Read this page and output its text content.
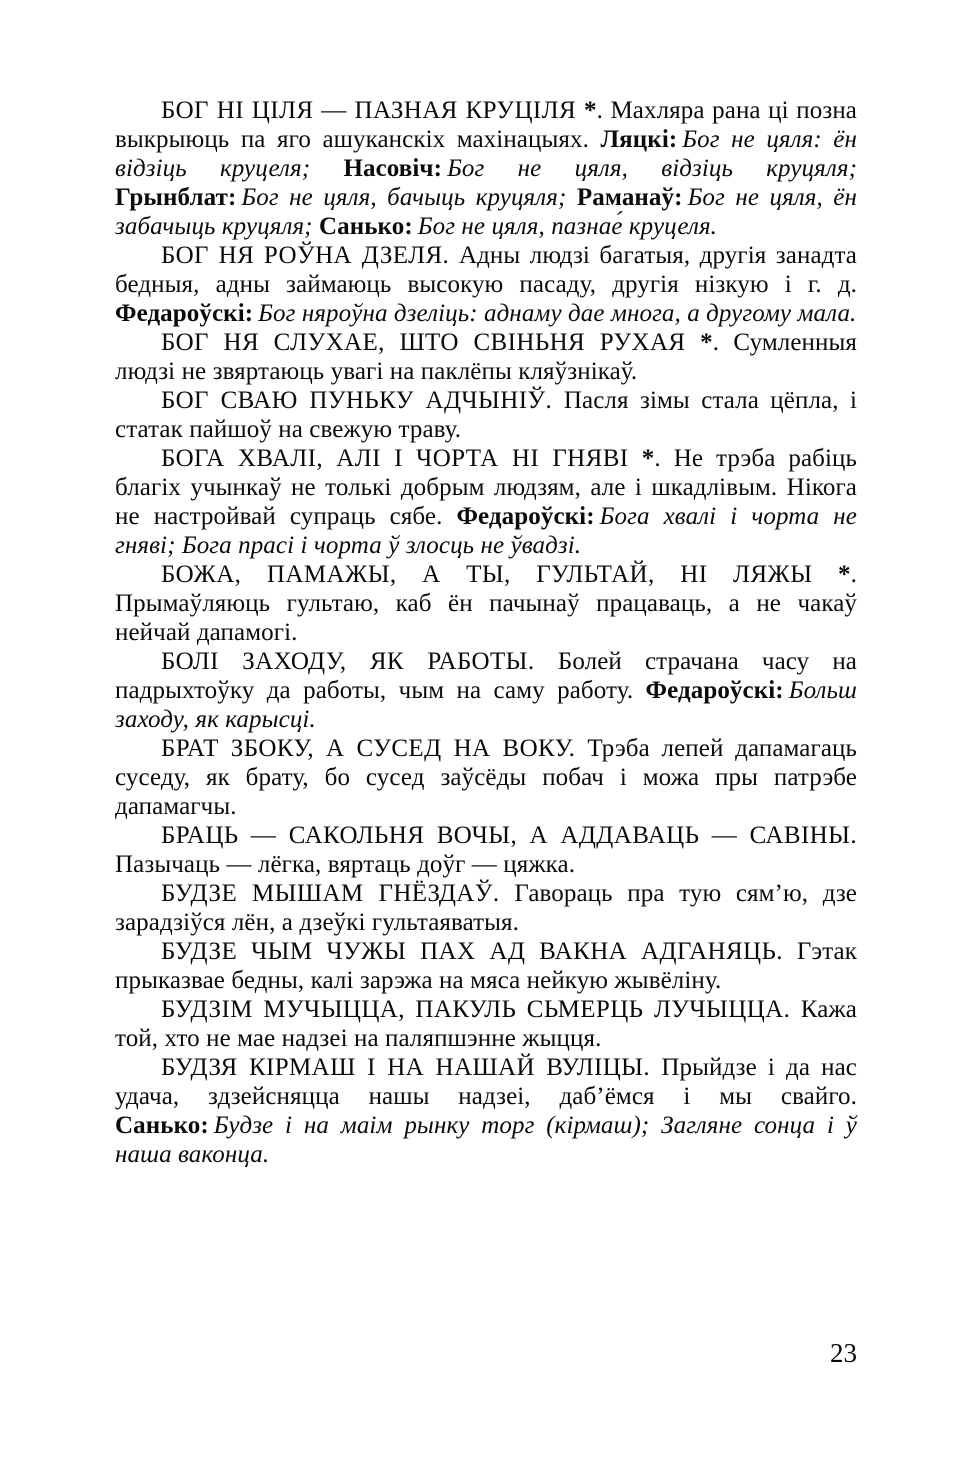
БОГ НІ ЦІЛЯ — ПАЗНАЯ КРУЦІЛЯ *. Махляра рана ці позна выкрыюць па яго ашуканскіх махінацыях. Ляцкі: Бог не цяля: ён відзіць круцеля; Насовіч: Бог не цяля, відзіць круцяля; Грынблат: Бог не цяля, бачыць круцяля; Раманаў: Бог не цяля, ён забачыць круцяля; Санько: Бог не цяля, пазнае́ круцеля.

БОГ НЯ РОЎНА ДЗЕЛЯ. Адны людзі багатыя, другія занадта бедныя, адны займаюць высокую пасаду, другія нізкую і г. д. Федароўскі: Бог няроўна дзеліць: аднаму дае многа, а другому мала.

БОГ НЯ СЛУХАЕ, ШТО СВІНЬНЯ РУХАЯ *. Сумленныя людзі не звяртаюць увагі на паклёпы кляўзнікаў.

БОГ СВАЮ ПУНЬКУ АДЧЫНІЎ. Пасля зімы стала цёпла, і статак пайшоў на свежую траву.

БОГА ХВАЛІ, АЛІ І ЧОРТА НІ ГНЯВІ *. Не трэба рабіць благіх учынкаў не толькі добрым людзям, але і шкадлівым. Нікога не настройвай супраць сябе. Федароўскі: Бога хвалі і чорта не гняві; Бога прасі і чорта ў злосць не ўвадзі.

БОЖА, ПАМАЖЫ, А ТЫ, ГУЛЬТАЙ, НІ ЛЯЖЫ *. Прымаўляюць гультаю, каб ён пачынаў працаваць, а не чакаў нейчай дапамогі.

БОЛІ ЗАХОДУ, ЯК РАБОТЫ. Болей страчана часу на падрыхтоўку да работы, чым на саму работу. Федароўскі: Больш заходу, як карысці.

БРАТ ЗБОКУ, А СУСЕД НА ВОКУ. Трэба лепей дапамагаць суседу, як брату, бо сусед заўсёды побач і можа пры патрэбе дапамагчы.

БРАЦЬ — САКОЛЬНЯ ВОЧЫ, А АДДАВАЦЬ — САВІНЫ. Пазычаць — лёгка, вяртаць доўг — цяжка.

БУДЗЕ МЫШАМ ГНЁЗДАЎ. Гавораць пра тую сям’ю, дзе зарадзіўся лён, а дзеўкі гультаяватыя.

БУДЗЕ ЧЫМ ЧУЖЫ ПАХ АД ВАКНА АДГАНЯЦЬ. Гэтак прыказвае бедны, калі зарэжа на мяса нейкую жывёліну.

БУДЗІМ МУЧЫЦЦА, ПАКУЛЬ СЬМЕРЦЬ ЛУЧЫЦЦА. Кажа той, хто не мае надзеі на паляпшэнне жыцця.

БУДЗЯ КІРМАШ І НА НАШАЙ ВУЛІЦЫ. Прыйдзе і да нас удача, здзейсняцца нашы надзеі, даб’ёмся і мы свайго. Санько: Будзе і на маім рынку торг (кірмаш); Загляне сонца і ў наша ваконца.

23
